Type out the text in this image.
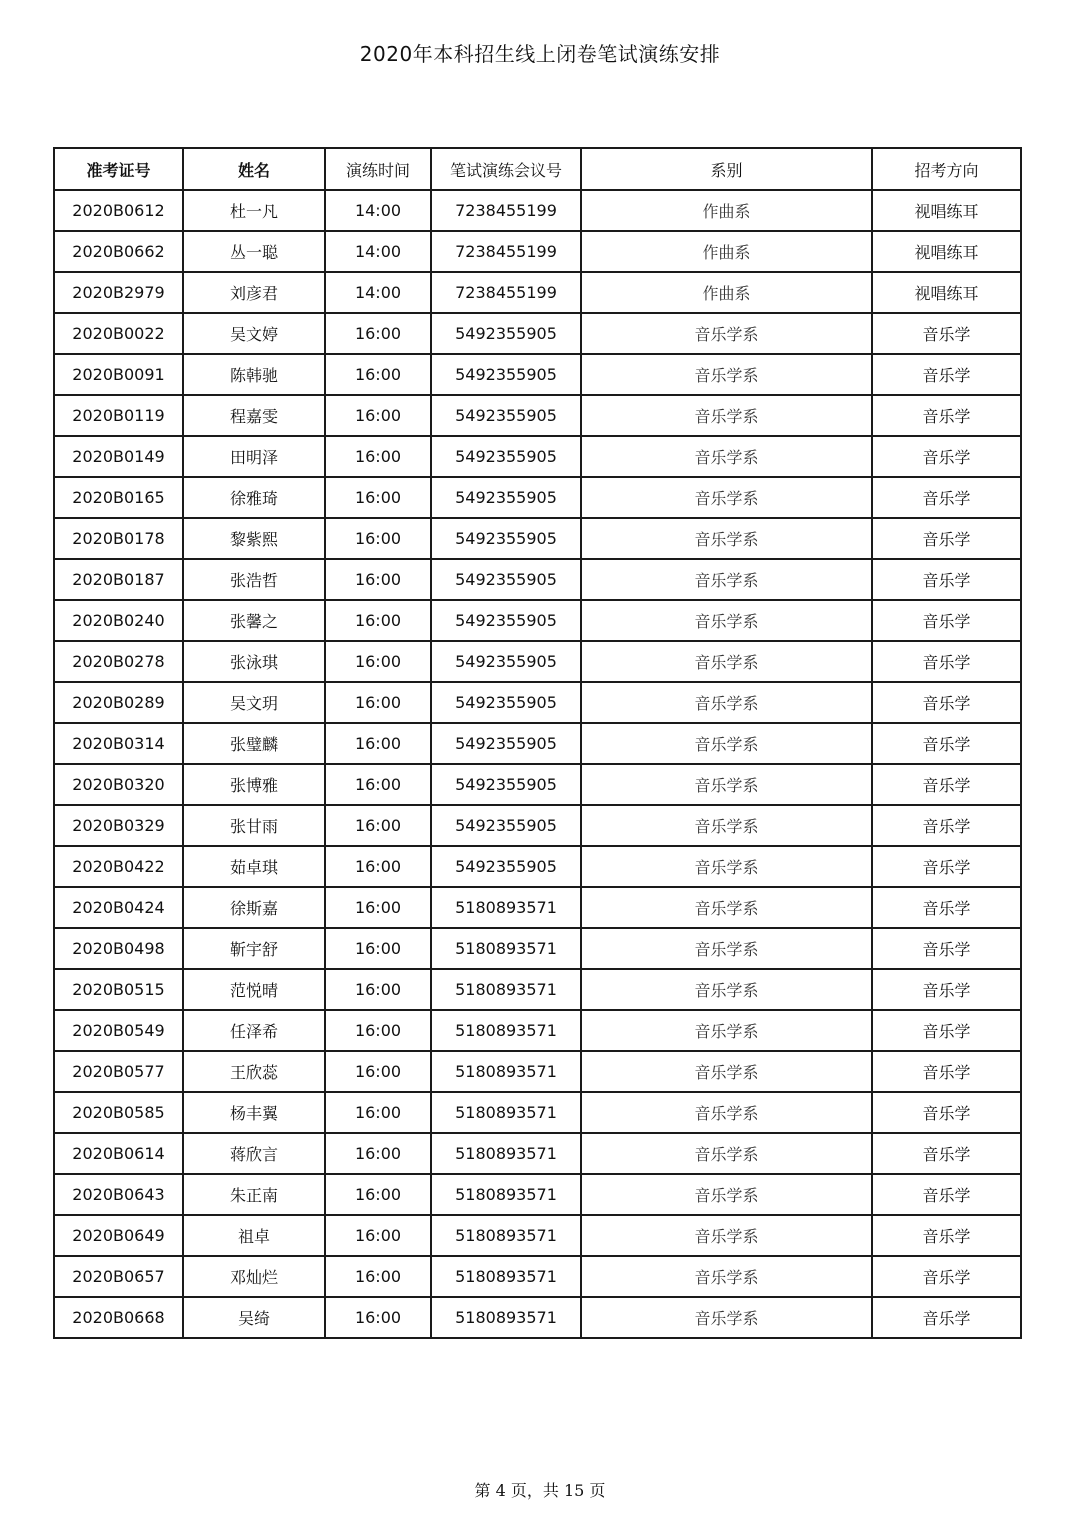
2020年本科招生线上闭卷笔试演练安排
准考证号	姓名	演练时间	笔试演练会议号	系别	招考方向
2020B0612	杜一凡	14:00	7238455199	作曲系	视唱练耳
2020B0662	丛一聪	14:00	7238455199	作曲系	视唱练耳
2020B2979	刘彦君	14:00	7238455199	作曲系	视唱练耳
2020B0022	吴文婷	16:00	5492355905	音乐学系	音乐学
2020B0091	陈韩驰	16:00	5492355905	音乐学系	音乐学
2020B0119	程嘉雯	16:00	5492355905	音乐学系	音乐学
2020B0149	田明泽	16:00	5492355905	音乐学系	音乐学
2020B0165	徐雅琦	16:00	5492355905	音乐学系	音乐学
2020B0178	黎紫熙	16:00	5492355905	音乐学系	音乐学
2020B0187	张浩哲	16:00	5492355905	音乐学系	音乐学
2020B0240	张馨之	16:00	5492355905	音乐学系	音乐学
2020B0278	张泳琪	16:00	5492355905	音乐学系	音乐学
2020B0289	吴文玥	16:00	5492355905	音乐学系	音乐学
2020B0314	张璧麟	16:00	5492355905	音乐学系	音乐学
2020B0320	张博雅	16:00	5492355905	音乐学系	音乐学
2020B0329	张甘雨	16:00	5492355905	音乐学系	音乐学
2020B0422	茹卓琪	16:00	5492355905	音乐学系	音乐学
2020B0424	徐斯嘉	16:00	5180893571	音乐学系	音乐学
2020B0498	靳宇舒	16:00	5180893571	音乐学系	音乐学
2020B0515	范悦晴	16:00	5180893571	音乐学系	音乐学
2020B0549	任泽希	16:00	5180893571	音乐学系	音乐学
2020B0577	王欣蕊	16:00	5180893571	音乐学系	音乐学
2020B0585	杨丰翼	16:00	5180893571	音乐学系	音乐学
2020B0614	蒋欣言	16:00	5180893571	音乐学系	音乐学
2020B0643	朱正南	16:00	5180893571	音乐学系	音乐学
2020B0649	祖卓	16:00	5180893571	音乐学系	音乐学
2020B0657	邓灿烂	16:00	5180893571	音乐学系	音乐学
2020B0668	吴绮	16:00	5180893571	音乐学系	音乐学
第 4 页，共 15 页
